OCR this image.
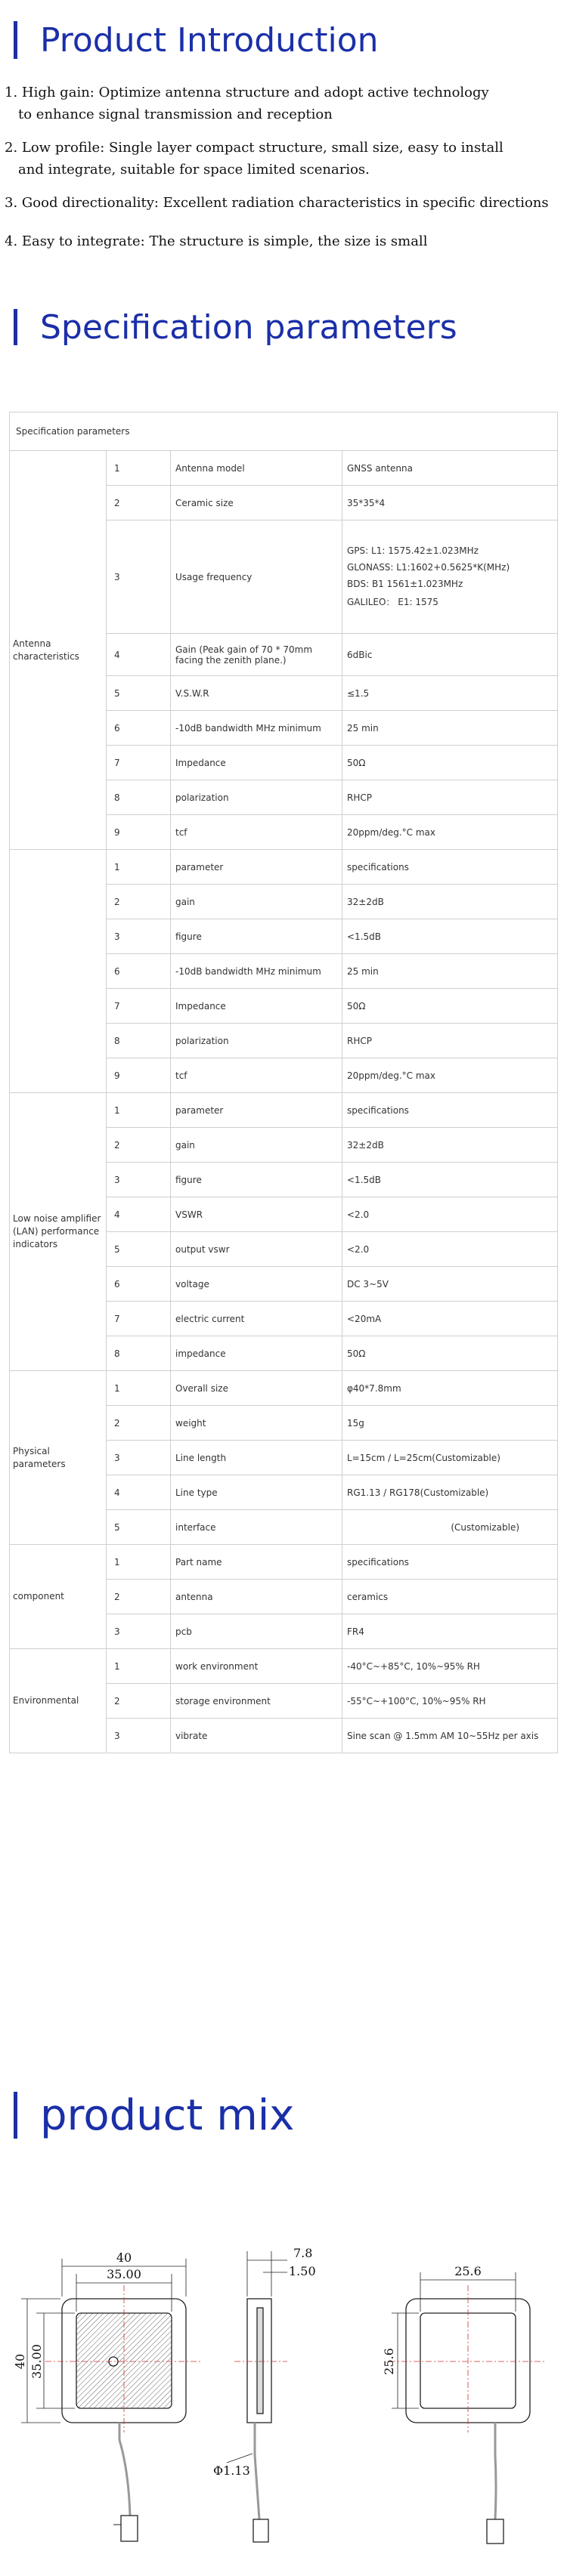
Product Introduction

1. High gain: Optimize antenna structure and adopt active technology
to enhance signal transmission and reception

2. Low profile: Single layer compact structure, small size, easy to install
and integrate, suitable for space limited scenarios.

3. Good directionality: Excellent radiation characteristics in specific directions

4. Easy to integrate: The structure is simple, the size is small

Specification parameters
Specification parameters			
Antenna characteristics	1	Antenna model	GNSS antenna
	2	Ceramic size	35*35*4
	3	Usage frequency	GPS: L1: 1575.42±1.023MHz
GLONASS: L1:1602+0.5625*K(MHz)
BDS: B1 1561±1.023MHz
GALILEO： E1: 1575

	4	Gain (Peak gain of 70 * 70mm facing the zenith plane.)	6dBic
	5	V.S.W.R	≤1.5
	6	-10dB bandwidth MHz minimum	25 min
	7	Impedance	50Ω
	8	polarization	RHCP
	9	tcf	20ppm/deg.°C max
	1	parameter	specifications
	2	gain	32±2dB
	3	figure	<1.5dB
	6	-10dB bandwidth MHz minimum	25 min
	7	Impedance	50Ω
	8	polarization	RHCP
	9	tcf	20ppm/deg.°C max
Low noise amplifier (LAN) performance indicators	1	parameter	specifications
	2	gain	32±2dB
	3	figure	<1.5dB
	4	VSWR	<2.0
	5	output vswr	<2.0
	6	voltage	DC 3~5V
	7	electric current	<20mA
	8	impedance	50Ω
Physical parameters	1	Overall size	φ40*7.8mm
	2	weight	15g
	3	Line length	L=15cm / L=25cm(Customizable)
	4	Line type	RG1.13 / RG178(Customizable)
	5	interface	(Customizable)
component	1	Part name	specifications
	2	antenna	ceramics
	3	pcb	FR4
Environmental	1	work environment	-40°C~+85°C, 10%~95% RH
	2	storage environment	-55°C~+100°C, 10%~95% RH
	3	vibrate	Sine scan @ 1.5mm AM 10~55Hz per axis
product mix
40
35.00
40 35.00
7.8
1.50
Φ1.13
25.6
25.6
